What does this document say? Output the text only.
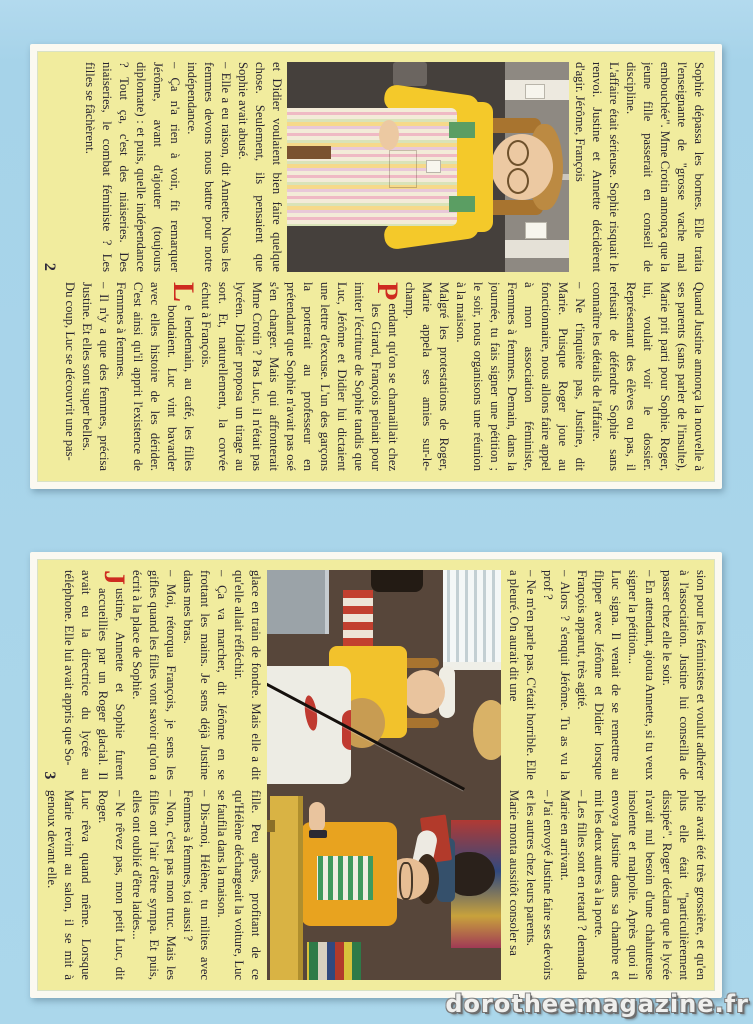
Sophie dépassa les bornes. Elle traita l'enseignante de "grosse vache mal embouchée". Mme Crotin annonça que la jeune fille passerait en conseil de discipline.

L'affaire était sérieuse. Sophie risquait le renvoi. Justine et Annette décidèrent d'agir. Jérôme, François

et Didier voulaient bien faire quelque chose. Seulement, ils pensaient que Sophie avait abusé.

– Elle a eu raison, dit Annette. Nous les femmes devons nous battre pour notre indépendance.

– Ça n'a rien à voir, fit remarquer Jérôme, avant d'ajouter (toujours diplomate) : et puis, quelle indépendance ? Tout ça, c'est des niaiseries. Des niaiseries, le combat féministe ? Les filles se fâchèrent.

Quand Justine annonça la nouvelle à ses parents (sans parler de l'insulte), Marie prit parti pour Sophie. Roger, lui, voulait voir le dossier. Représentant des élèves ou pas, il refusait de défendre Sophie sans connaître les détails de l'affaire.

– Ne t'inquiète pas, Justine, dit Marie. Puisque Roger joue au fonctionnaire, nous allons faire appel à mon association féministe, Femmes à femmes. Demain, dans la journée, tu fais signer une pétition ; le soir, nous organisons une réunion à la maison.

Malgré les protestations de Roger, Marie appela ses amies sur-le-champ.

P
endant qu'on se chamaillait chez les Girard, François peinait pour imiter l'écriture de Sophie tandis que Luc, Jérôme et Didier lui dictaient une lettre d'excuse. L'un des garçons la porterait au professeur en prétendant que Sophie n'avait pas osé s'en charger. Mais qui affronterait Mme Crotin ? Pas Luc, il n'était pas lycéen. Didier proposa un tirage au sort. Et, naturellement, la corvée échut à François.

L
e lendemain, au café, les filles boudaient. Luc vint bavarder avec elles histoire de les dérider. C'est ainsi qu'il apprit l'existence de Femmes à femmes.

– Il n'y a que des femmes, précisa Justine. Et elles sont super belles.

Du coup, Luc se découvrit une pas-

2

sion pour les féministes et voulut adhérer à l'association. Justine lui conseilla de passer chez elle le soir.

– En attendant, ajouta Annette, si tu veux signer la pétition...

Luc signa. Il venait de se remettre au flipper avec Jérôme et Didier lorsque François apparut, très agité.

– Alors ? s'enquit Jérôme. Tu as vu la prof ?

– Ne m'en parle pas. C'était horrible. Elle a pleuré. On aurait dit une

phie avait été très grossière, et qu'en plus elle était "particulièrement dissipée". Roger déclara que le lycée n'avait nul besoin d'une chahuteuse insolente et malpolie. Après quoi il envoya Justine dans sa chambre et mit les deux autres à la porte.

– Les filles sont en retard ? demanda Marie en arrivant.

– J'ai envoyé Justine faire ses devoirs et les autres chez leurs parents.

Marie monta aussitôt consoler sa

glace en train de fondre. Mais elle a dit qu'elle allait réfléchir.

– Ça va marcher, dit Jérôme en se frottant les mains. Je sens déjà Justine dans mes bras.

– Moi, rétorqua François, je sens les gifles quand les filles vont savoir qu'on a écrit à la place de Sophie.

J
ustine, Annette et Sophie furent accueillies par un Roger glacial. Il avait eu la directrice du lycée au téléphone. Elle lui avait appris que So-

fille. Peu après, profitant de ce qu'Hélène déchargeait la voiture, Luc se faufila dans la maison.

– Dis-moi, Hélène, tu milites avec Femmes à femmes, toi aussi ?

– Non, c'est pas mon truc. Mais les filles ont l'air d'être sympa. Et puis, elles ont oublié d'être laides...

– Ne rêvez pas, mon petit Luc, dit Roger.

Luc rêva quand même. Lorsque Marie revint au salon, il se mit à genoux devant elle.

3
dorotheemagazine.fr
